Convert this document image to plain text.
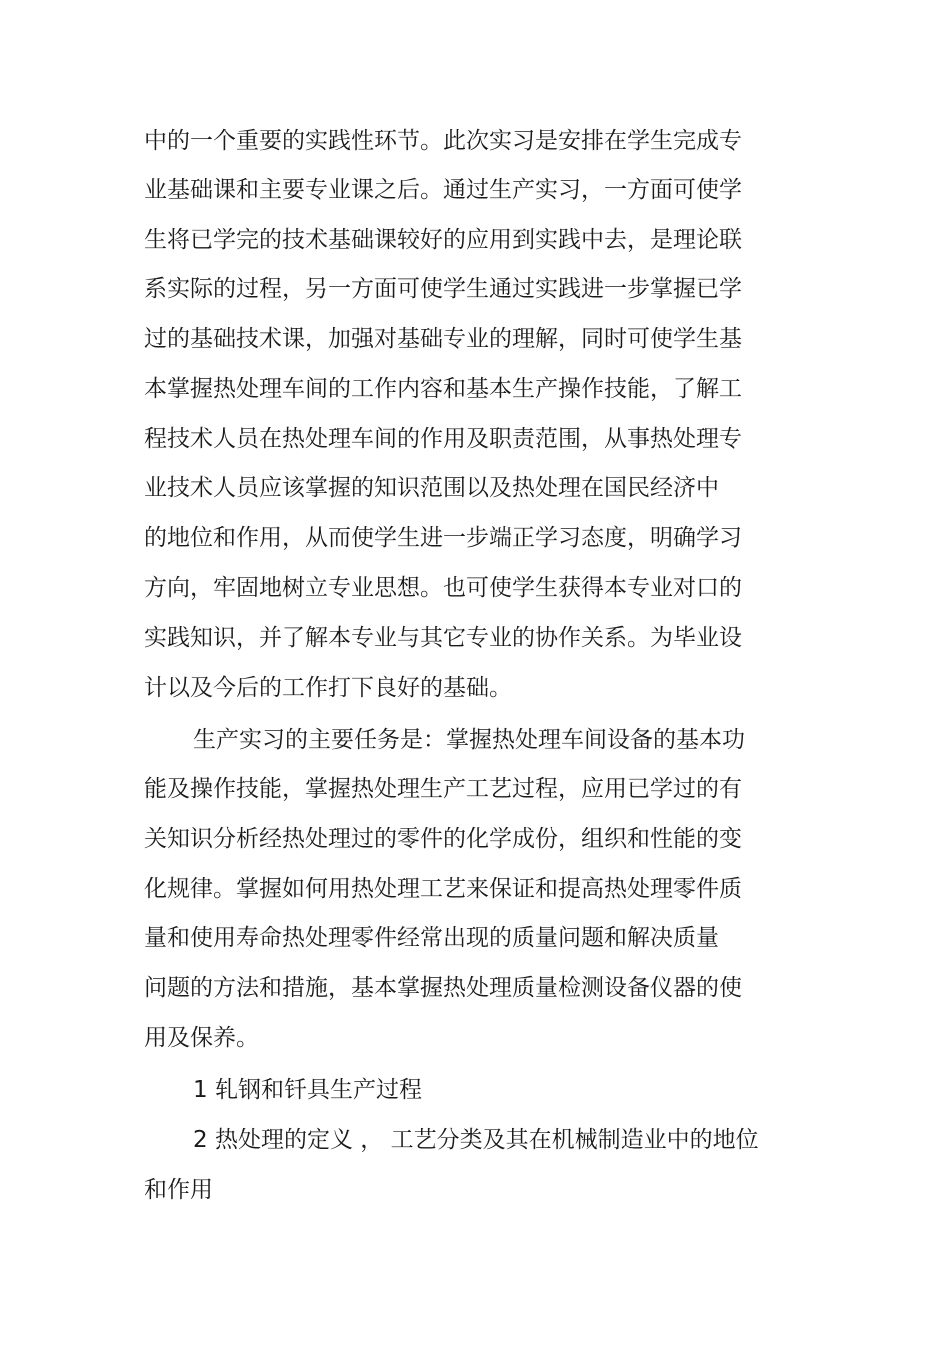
中的一个重要的实践性环节。此次实习是安排在学生完成专
业基础课和主要专业课之后。通过生产实习，一方面可使学
生将已学完的技术基础课较好的应用到实践中去，是理论联
系实际的过程，另一方面可使学生通过实践进一步掌握已学
过的基础技术课，加强对基础专业的理解，同时可使学生基
本掌握热处理车间的工作内容和基本生产操作技能，了解工
程技术人员在热处理车间的作用及职责范围，从事热处理专
业技术人员应该掌握的知识范围以及热处理在国民经济中
的地位和作用，从而使学生进一步端正学习态度，明确学习
方向，牢固地树立专业思想。也可使学生获得本专业对口的
实践知识，并了解本专业与其它专业的协作关系。为毕业设
计以及今后的工作打下良好的基础。
生产实习的主要任务是：掌握热处理车间设备的基本功
能及操作技能，掌握热处理生产工艺过程，应用已学过的有
关知识分析经热处理过的零件的化学成份，组织和性能的变
化规律。掌握如何用热处理工艺来保证和提高热处理零件质
量和使用寿命热处理零件经常出现的质量问题和解决质量
问题的方法和措施，基本掌握热处理质量检测设备仪器的使
用及保养。
1 轧钢和钎具生产过程
2 热处理的定义 ， 工艺分类及其在机械制造业中的地位
和作用
